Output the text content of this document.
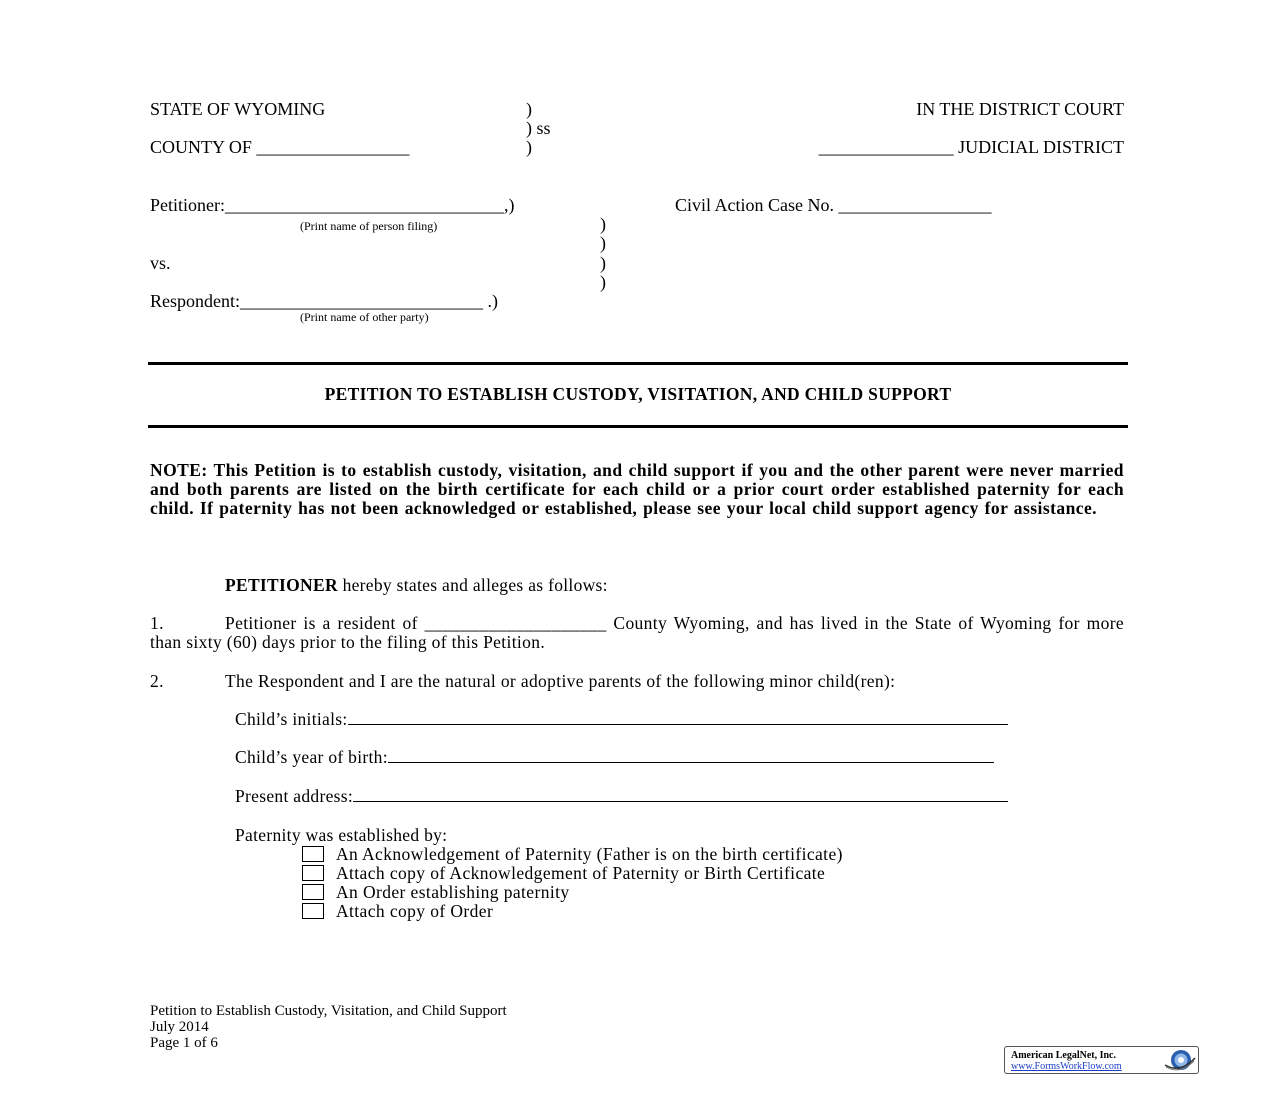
STATE OF WYOMING	)
) ss
COUNTY OF _________________	)
IN THE DISTRICT COURT
_______________ JUDICIAL DISTRICT
Petitioner:_______________________________,)
(Print name of person filing)	)
)
vs.	)
)
Respondent:___________________________ .)
(Print name of other party)
Civil Action Case No. _________________
PETITION TO ESTABLISH CUSTODY, VISITATION, AND CHILD SUPPORT
NOTE: This Petition is to establish custody, visitation, and child support if you and the other parent were never married and both parents are listed on the birth certificate for each child or a prior court order established paternity for each child. If paternity has not been acknowledged or established, please see your local child support agency for assistance.
PETITIONER hereby states and alleges as follows:
1.	Petitioner is a resident of ____________________ County Wyoming, and has lived in the State of Wyoming for more than sixty (60) days prior to the filing of this Petition.
2.	The Respondent and I are the natural or adoptive parents of the following minor child(ren):
Child’s initials:
Child’s year of birth:
Present address:
Paternity was established by:
An Acknowledgement of Paternity (Father is on the birth certificate)
Attach copy of Acknowledgement of Paternity or Birth Certificate
An Order establishing paternity
Attach copy of Order
Petition to Establish Custody, Visitation, and Child Support
July 2014
Page 1 of 6
American LegalNet, Inc.
www.FormsWorkFlow.com
